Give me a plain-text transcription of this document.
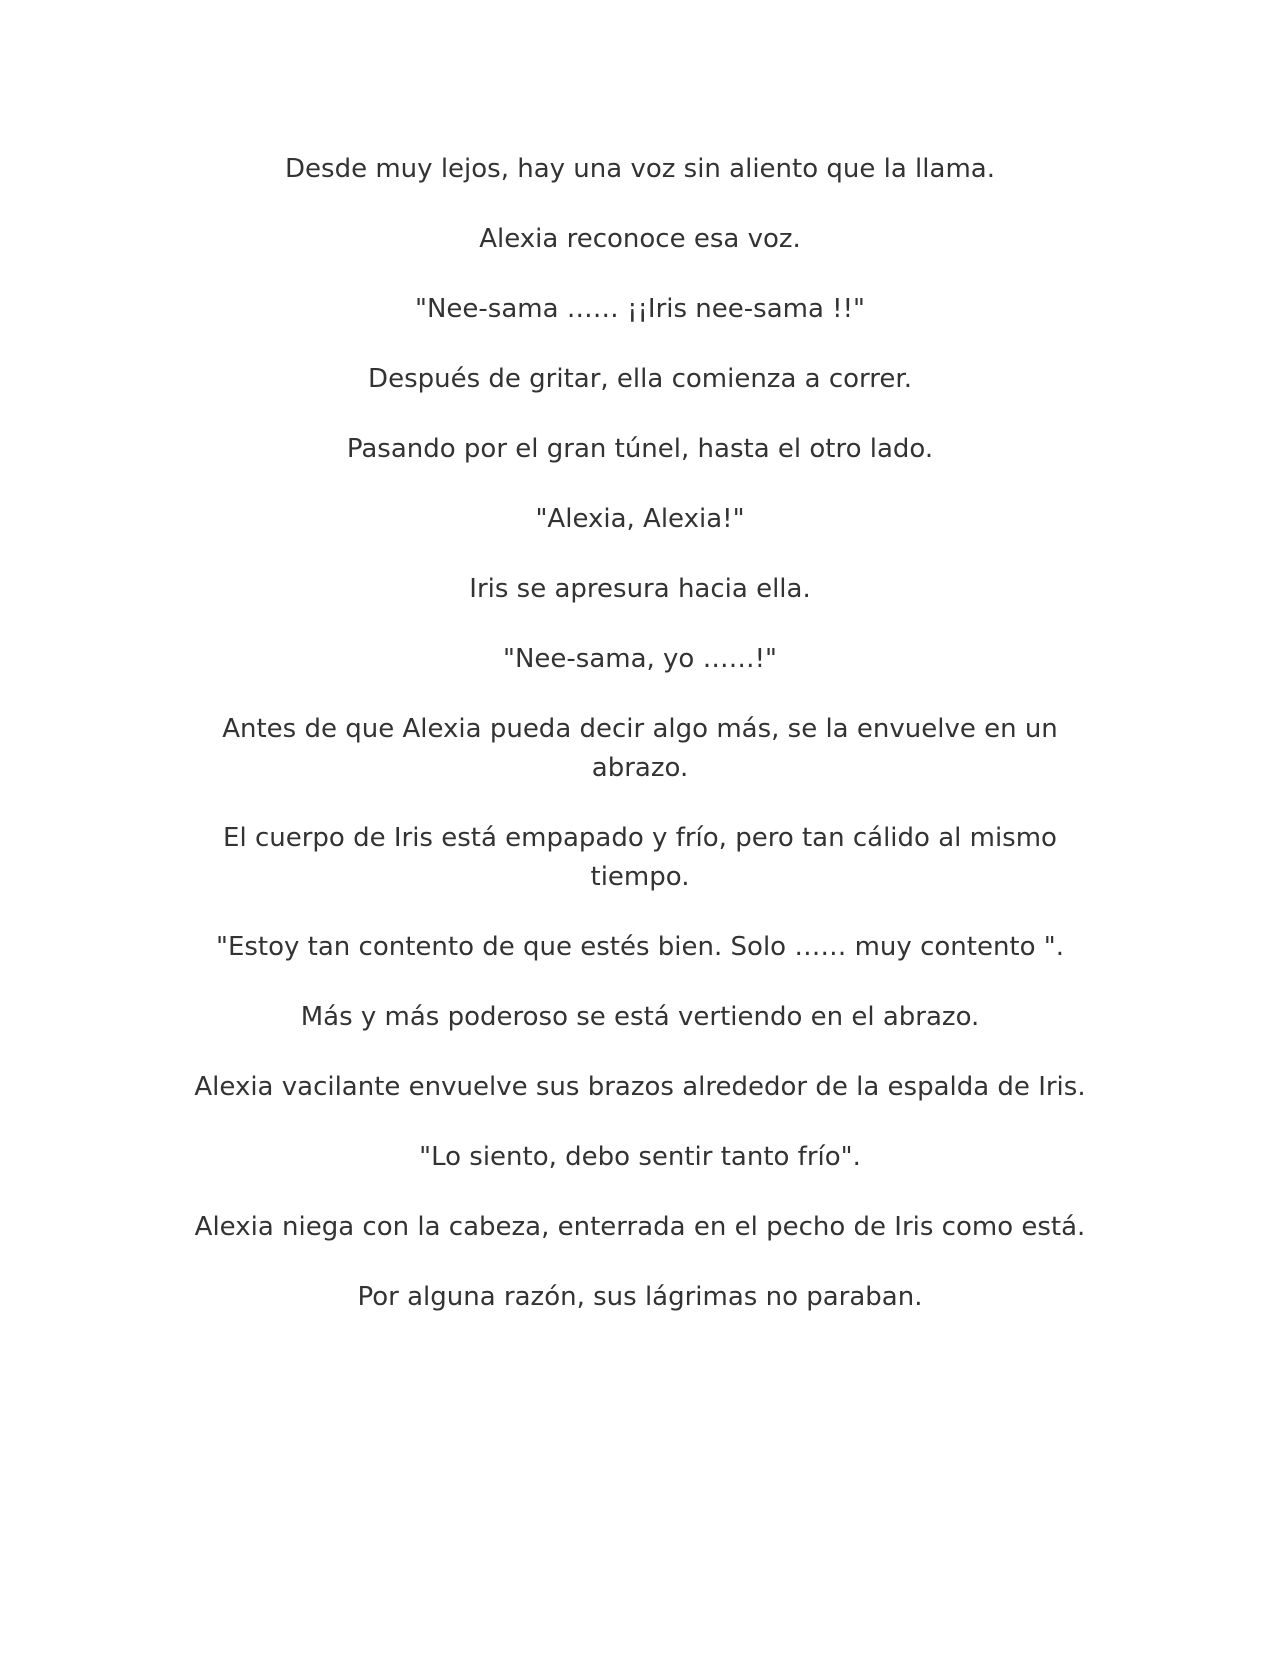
Desde muy lejos, hay una voz sin aliento que la llama.

Alexia reconoce esa voz.

"Nee-sama …… ¡¡Iris nee-sama !!"

Después de gritar, ella comienza a correr.

Pasando por el gran túnel, hasta el otro lado.

"Alexia, Alexia!"

Iris se apresura hacia ella.

"Nee-sama, yo ……!"

Antes de que Alexia pueda decir algo más, se la envuelve en un abrazo.

El cuerpo de Iris está empapado y frío, pero tan cálido al mismo tiempo.

"Estoy tan contento de que estés bien. Solo …… muy contento ".

Más y más poderoso se está vertiendo en el abrazo.

Alexia vacilante envuelve sus brazos alrededor de la espalda de Iris.

"Lo siento, debo sentir tanto frío".

Alexia niega con la cabeza, enterrada en el pecho de Iris como está.

Por alguna razón, sus lágrimas no paraban.
